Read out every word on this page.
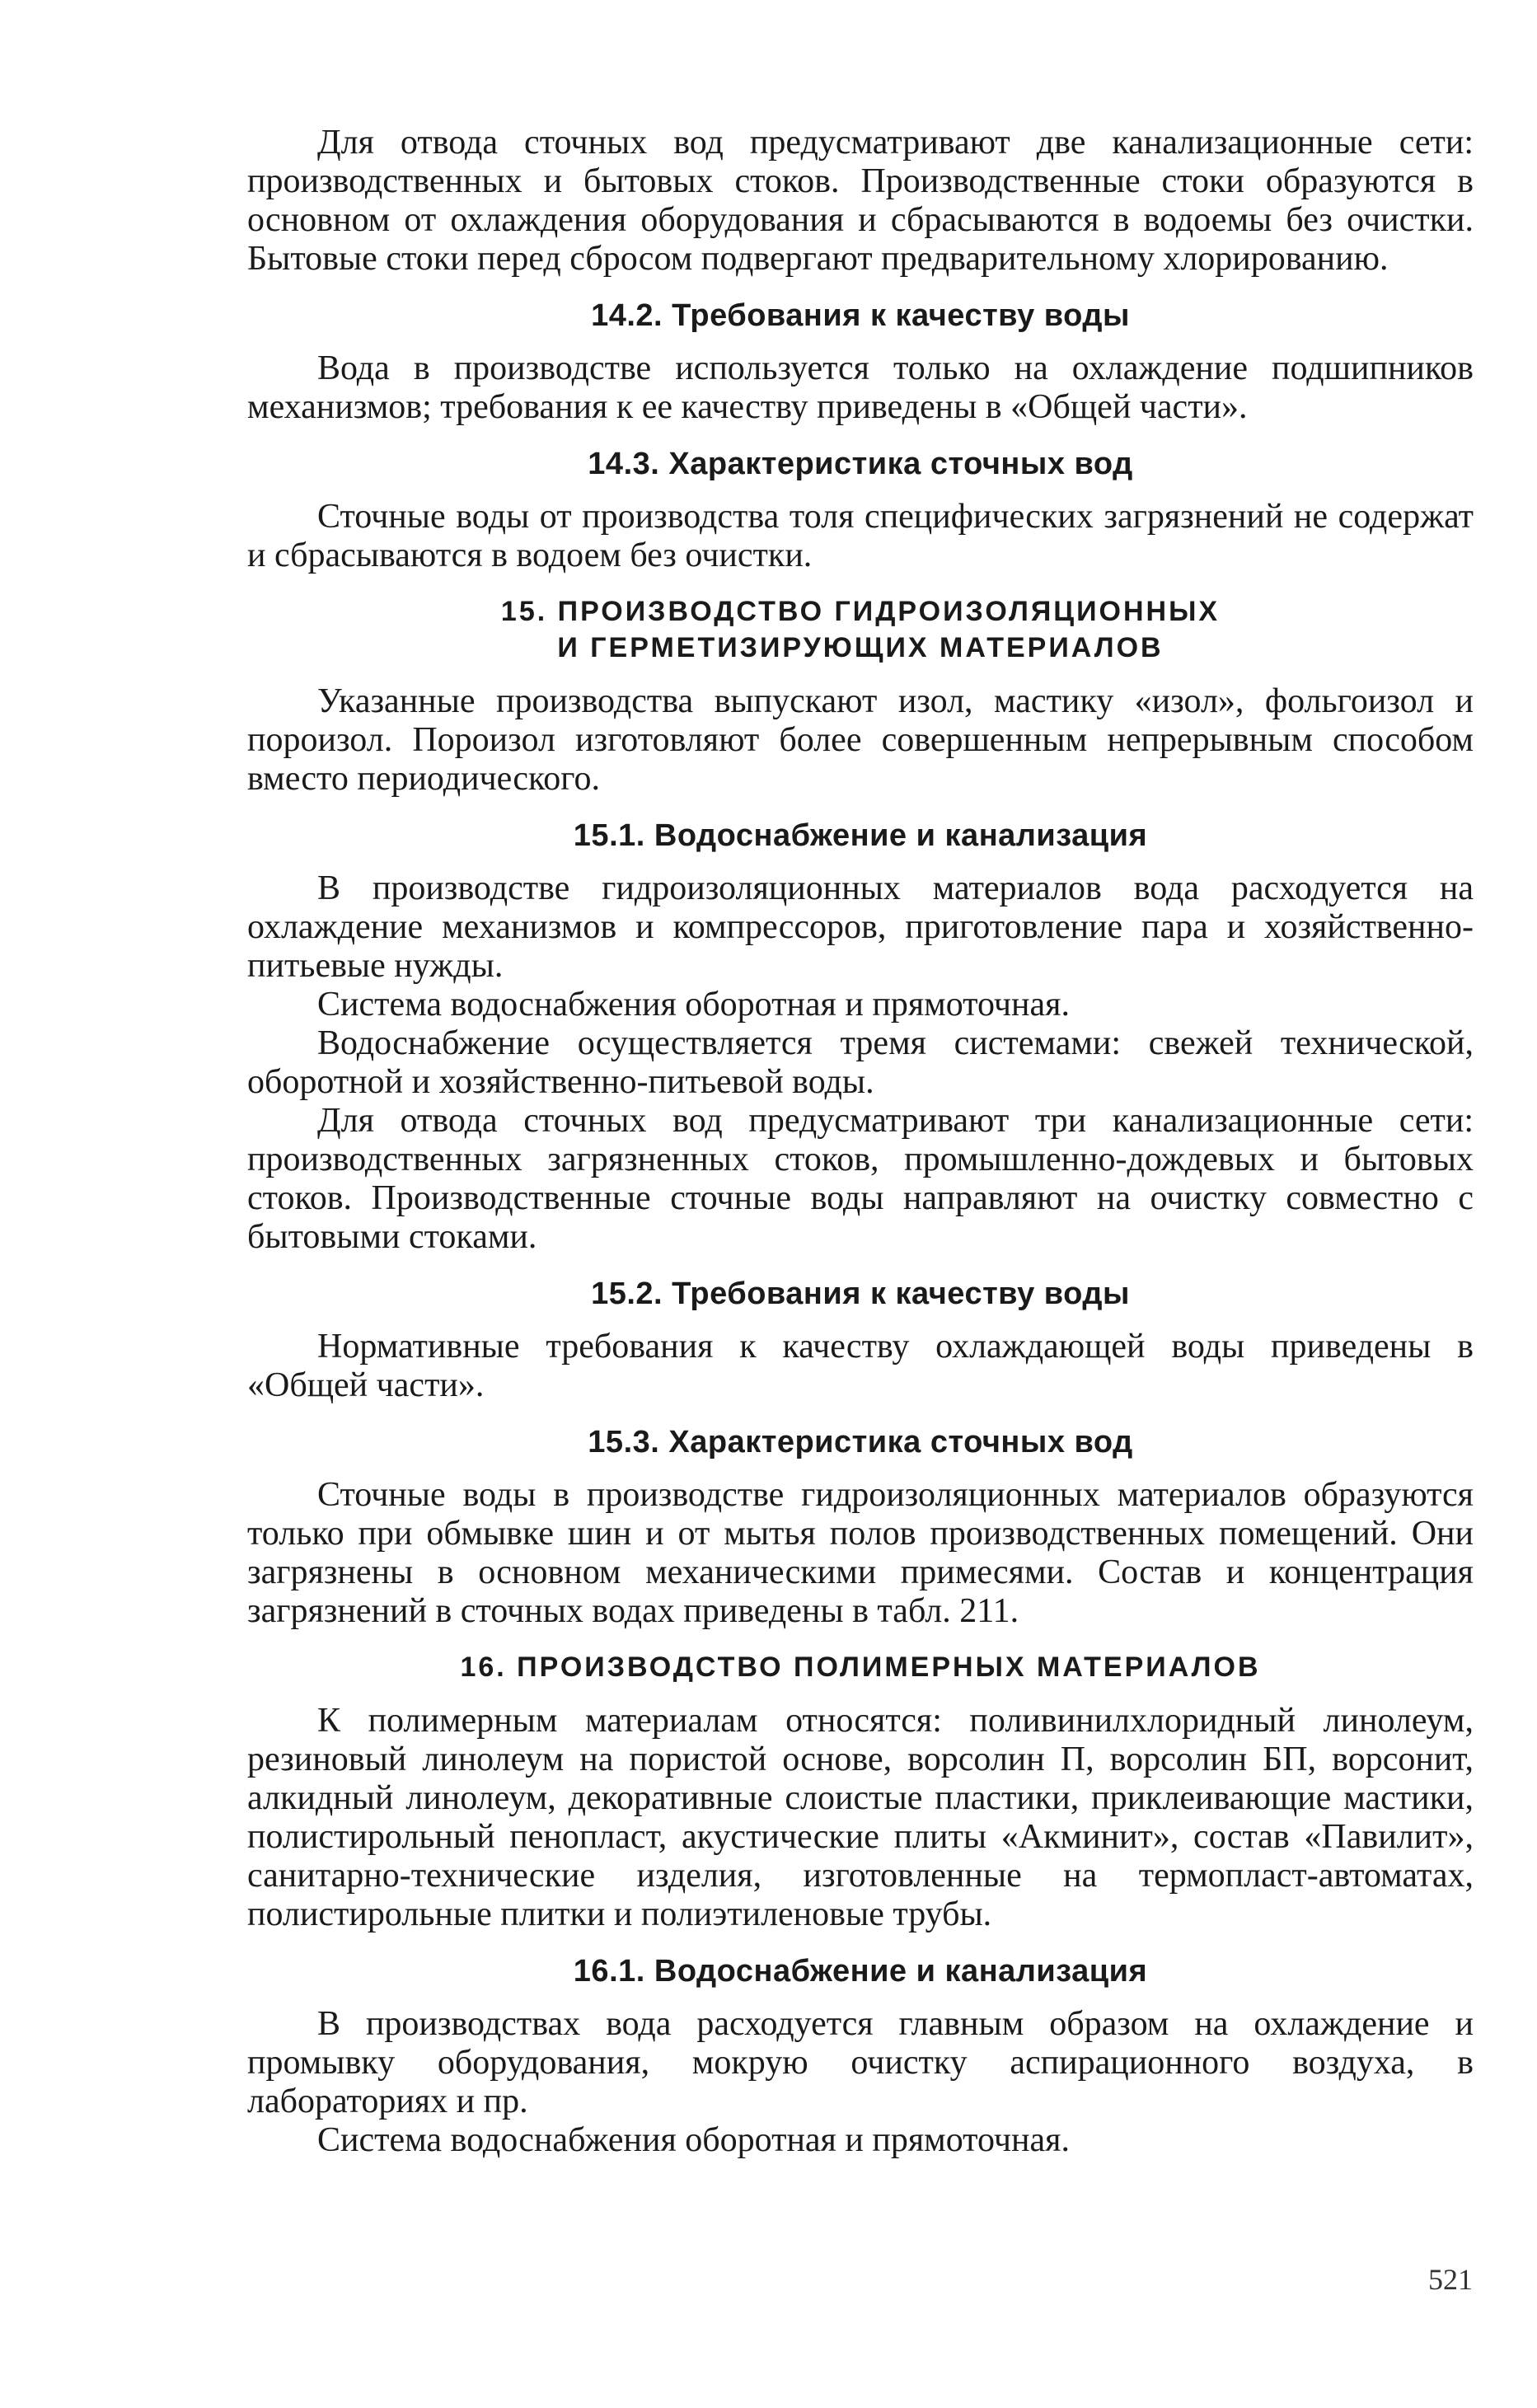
Для отвода сточных вод предусматривают две канализационные сети: производственных и бытовых стоков. Производственные стоки образуются в основном от охлаждения оборудования и сбрасываются в водоемы без очистки. Бытовые стоки перед сбросом подвергают предварительному хлорированию.

14.2. Требования к качеству воды

Вода в производстве используется только на охлаждение подшипников механизмов; требования к ее качеству приведены в «Общей части».

14.3. Характеристика сточных вод

Сточные воды от производства толя специфических загрязнений не содержат и сбрасываются в водоем без очистки.

15. ПРОИЗВОДСТВО ГИДРОИЗОЛЯЦИОННЫХ
И ГЕРМЕТИЗИРУЮЩИХ МАТЕРИАЛОВ

Указанные производства выпускают изол, мастику «изол», фольгоизол и пороизол. Пороизол изготовляют более совершенным непрерывным способом вместо периодического.

15.1. Водоснабжение и канализация

В производстве гидроизоляционных материалов вода расходуется на охлаждение механизмов и компрессоров, приготовление пара и хозяйственно-питьевые нужды.

Система водоснабжения оборотная и прямоточная.

Водоснабжение осуществляется тремя системами: свежей технической, оборотной и хозяйственно-питьевой воды.

Для отвода сточных вод предусматривают три канализационные сети: производственных загрязненных стоков, промышленно-дождевых и бытовых стоков. Производственные сточные воды направляют на очистку совместно с бытовыми стоками.

15.2. Требования к качеству воды

Нормативные требования к качеству охлаждающей воды приведены в «Общей части».

15.3. Характеристика сточных вод

Сточные воды в производстве гидроизоляционных материалов образуются только при обмывке шин и от мытья полов производственных помещений. Они загрязнены в основном механическими примесями. Состав и концентрация загрязнений в сточных водах приведены в табл. 211.

16. ПРОИЗВОДСТВО ПОЛИМЕРНЫХ МАТЕРИАЛОВ

К полимерным материалам относятся: поливинилхлоридный линолеум, резиновый линолеум на пористой основе, ворсолин П, ворсолин БП, ворсонит, алкидный линолеум, декоративные слоистые пластики, приклеивающие мастики, полистирольный пенопласт, акустические плиты «Акминит», состав «Павилит», санитарно-технические изделия, изготовленные на термопласт-автоматах, полистирольные плитки и полиэтиленовые трубы.

16.1. Водоснабжение и канализация

В производствах вода расходуется главным образом на охлаждение и промывку оборудования, мокрую очистку аспирационного воздуха, в лабораториях и пр.

Система водоснабжения оборотная и прямоточная.

521
